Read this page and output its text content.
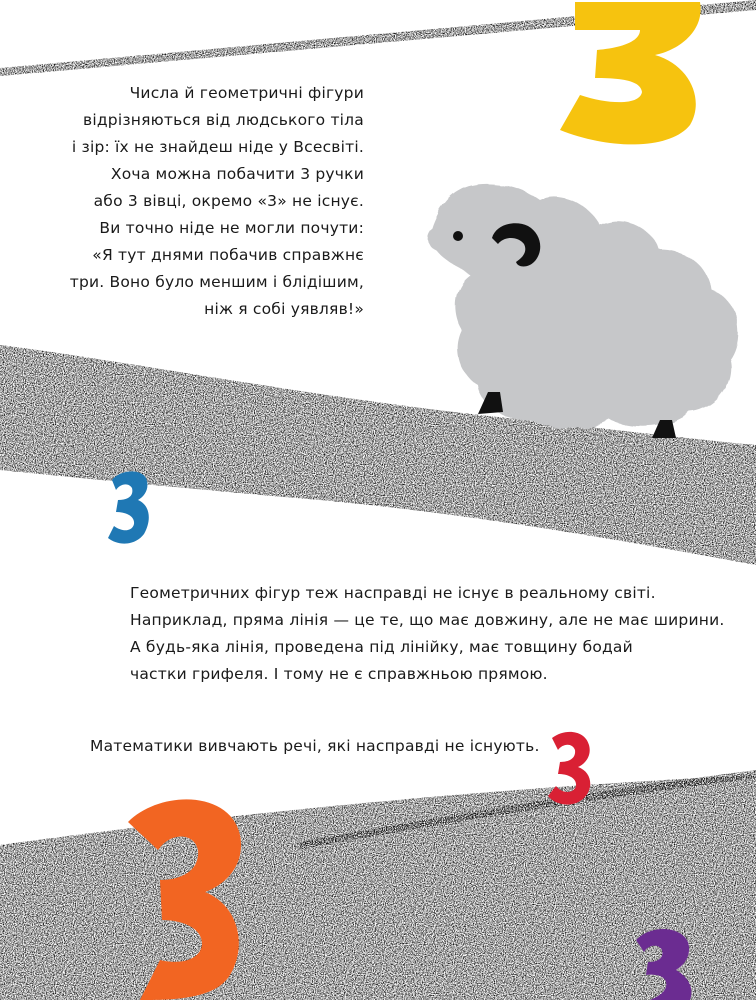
Числа й геометричні фігури
відрізняються від людського тіла
і зір: їх не знайдеш ніде у Всесвіті.
Хоча можна побачити 3 ручки
або 3 вівці, окремо «3» не існує.
Ви точно ніде не могли почути:
«Я тут днями побачив справжнє
три. Воно було меншим і блідішим,
ніж я собі уявляв!»
Геометричних фігур теж насправді не існує в реальному світі.
Наприклад, пряма лінія — це те, що має довжину, але не має ширини.
А будь-яка лінія, проведена під лінійку, має товщину бодай
частки грифеля. І тому не є справжньою прямою.
Математики вивчають речі, які насправді не існують.
